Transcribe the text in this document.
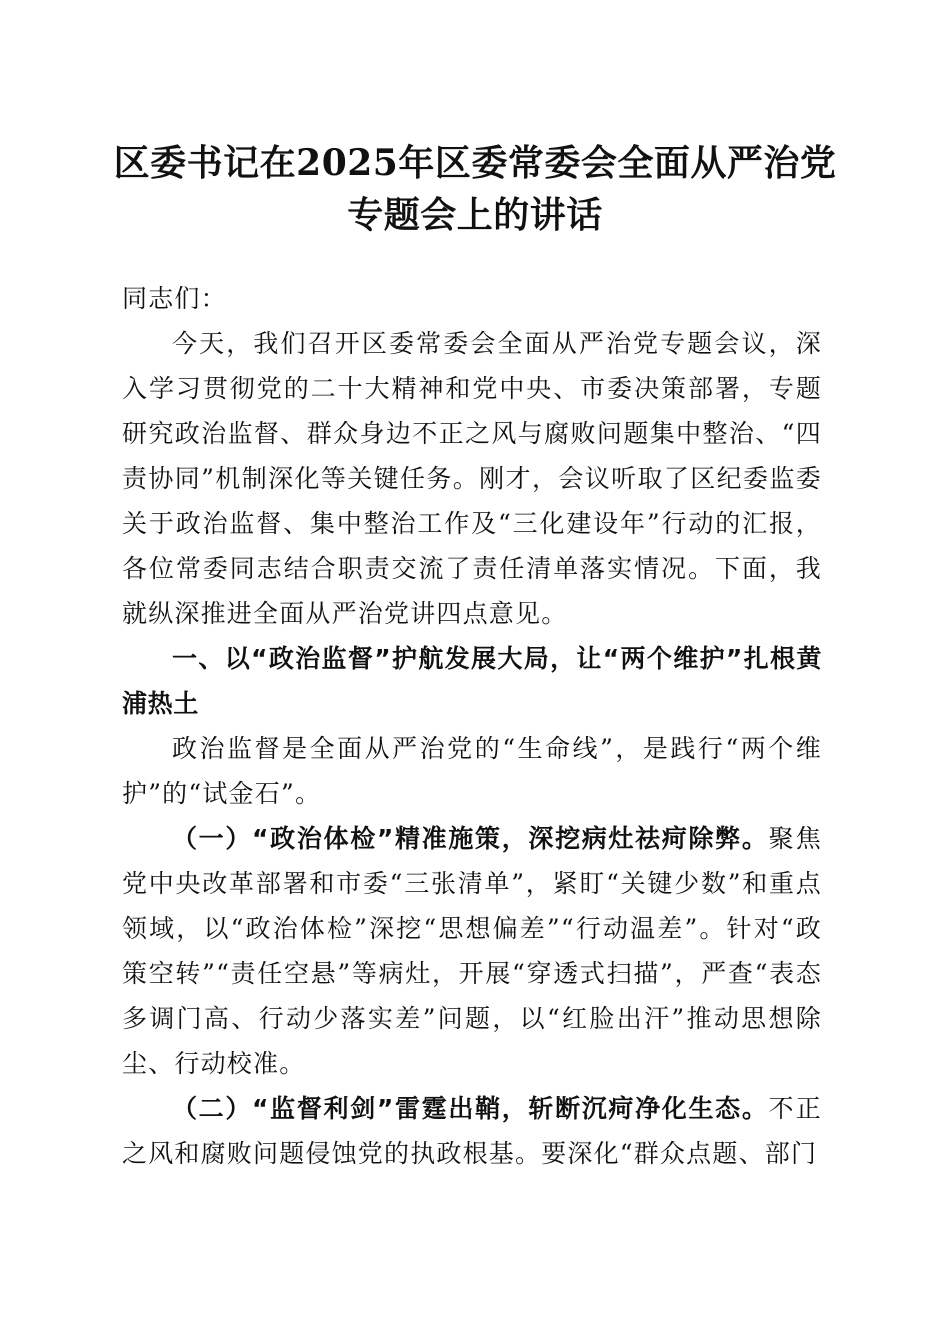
区委书记在2025年区委常委会全面从严治党
专题会上的讲话

同志们：

今天，我们召开区委常委会全面从严治党专题会议，深入学习贯彻党的二十大精神和党中央、市委决策部署，专题研究政治监督、群众身边不正之风与腐败问题集中整治、“四责协同”机制深化等关键任务。刚才，会议听取了区纪委监委关于政治监督、集中整治工作及“三化建设年”行动的汇报，各位常委同志结合职责交流了责任清单落实情况。下面，我就纵深推进全面从严治党讲四点意见。

一、以“政治监督”护航发展大局，让“两个维护”扎根黄浦热土

政治监督是全面从严治党的“生命线”，是践行“两个维护”的“试金石”。

（一）“政治体检”精准施策，深挖病灶祛疴除弊。聚焦党中央改革部署和市委“三张清单”，紧盯“关键少数”和重点领域，以“政治体检”深挖“思想偏差”“行动温差”。针对“政策空转”“责任空悬”等病灶，开展“穿透式扫描”，严查“表态多调门高、行动少落实差”问题，以“红脸出汗”推动思想除尘、行动校准。

（二）“监督利剑”雷霆出鞘，斩断沉疴净化生态。不正之风和腐败问题侵蚀党的执政根基。要深化“群众点题、部门
